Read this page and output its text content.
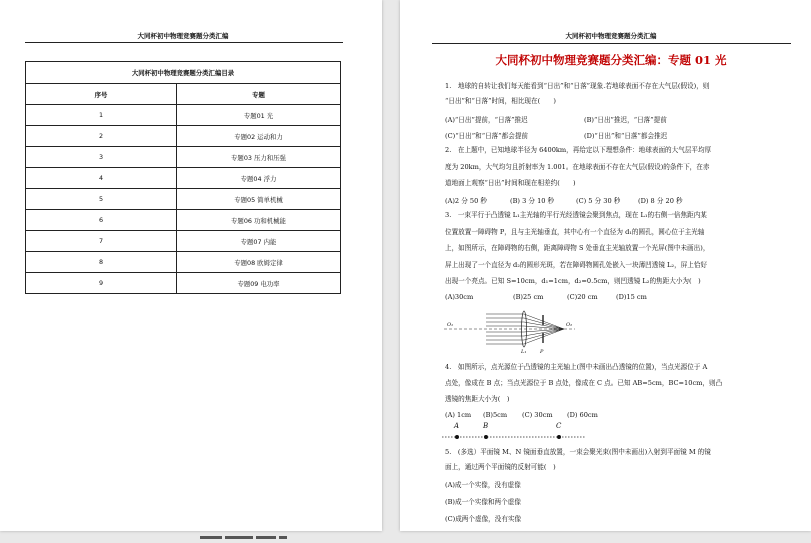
大同杯初中物理竞赛题分类汇编
大同杯初中物理竞赛题分类汇编目录	
序号	专题
1	专题01 光
2	专题02 运动和力
3	专题03 压力和压强
4	专题04 浮力
5	专题05 简单机械
6	专题06 功和机械能
7	专题07 内能
8	专题08 欧姆定律
9	专题09 电功率
大同杯初中物理竞赛题分类汇编
大同杯初中物理竞赛题分类汇编：专题 01 光
1.　地球的自转让我们每天能看到“日出”和“日落”现象.若地球表面不存在大气层(假设)，则
“日出”和“日落”时间，相比现在(　　)
(A)“日出”提前，“日落”推迟	(B)“日出”推迟，“日落”提前
(C)“日出”和“日落”都会提前	(D)“日出”和“日落”都会推迟
2.　在上题中，已知地球半径为 6400km，再给定以下理想条件：地球表面的大气层平均厚
度为 20km，大气均匀且折射率为 1.001。在地球表面不存在大气层(假设)的条件下，在赤
道地面上观察“日出”时间和现在相差约(　　)
(A)2 分 50 秒	(B) 3 分 10 秒	(C) 5 分 30 秒	(D) 8 分 20 秒
3.　一束平行于凸透镜 L₁主光轴的平行光经透镜会聚到焦点，现在 L₁的右侧一倍焦距内某
位置放置一障碍物 P，且与主光轴垂直，其中心有一个直径为 d₁的圆孔，圆心位于主光轴
上，如图所示，在障碍物的右侧，距离障碍物 S 处垂直主光轴放置一个光屏(图中未画出)，
屏上出现了一个直径为 d₂的圆形光斑，若在障碍物圆孔处嵌入一块薄凹透镜 L₂，屏上恰好
出现一个亮点。已知 S=10cm，d₁=1cm，d₂=0.5cm，则凹透镜 L₂的焦距大小为(　)
(A)30cm	(B)25 cm	(C)20 cm	(D)15 cm
O₁	O₂
L₁	P
4.　如图所示，点光源位于凸透镜的主光轴上(图中未画出凸透镜的位置)，当点光源位于 A
点处，像成在 B 点；当点光源位于 B 点处，像成在 C 点。已知 AB=5cm，BC=10cm，则凸
透镜的焦距大小为(　)
(A) 1cm (B)5cm (C) 30cm (D) 60cm
A	B	C
5.　(多选）平面镜 M、N 镜面垂直放置，一束会聚光束(图中未画出)入射到平面镜 M 的镜
面上，通过两个平面镜的反射可能(　)
(A)成一个实像，没有虚像
(B)成一个实像和两个虚像
(C)成两个虚像，没有实像
